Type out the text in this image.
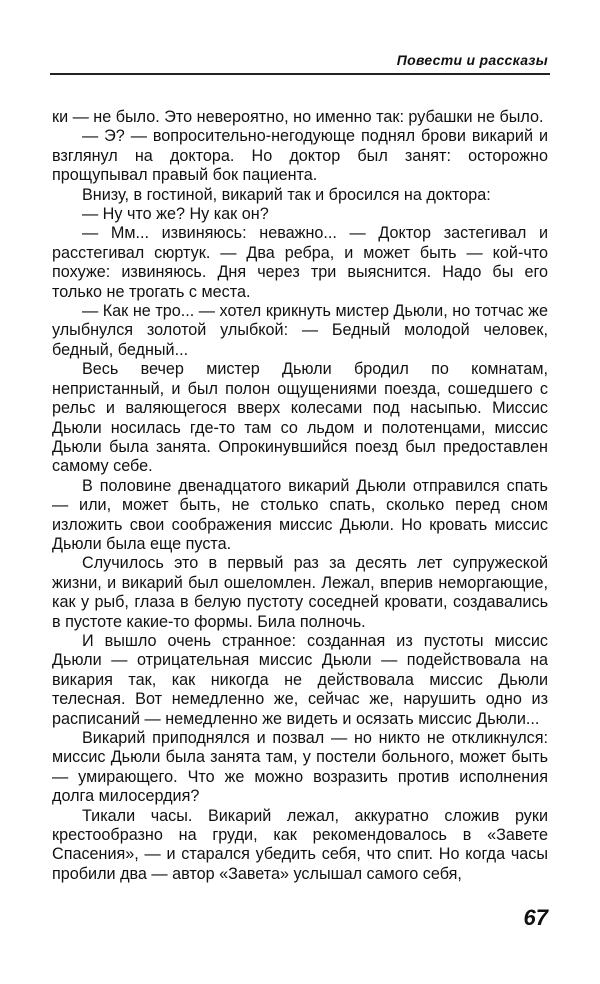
Повести и рассказы

ки — не было. Это невероятно, но именно так: рубашки не было.

— Э? — вопросительно-негодующе поднял брови викарий и взглянул на доктора. Но доктор был занят: осторожно прощупывал правый бок пациента.

Внизу, в гостиной, викарий так и бросился на доктора:

— Ну что же? Ну как он?

— Мм... извиняюсь: неважно... — Доктор застегивал и расстегивал сюртук. — Два ребра, и может быть — кой-что похуже: извиняюсь. Дня через три выяснится. Надо бы его только не трогать с места.

— Как не тро... — хотел крикнуть мистер Дьюли, но тотчас же улыбнулся золотой улыбкой: — Бедный молодой человек, бедный, бедный...

Весь вечер мистер Дьюли бродил по комнатам, непристанный, и был полон ощущениями поезда, сошедшего с рельс и валяющегося вверх колесами под насыпью. Миссис Дьюли носилась где-то там со льдом и полотенцами, миссис Дьюли была занята. Опрокинувшийся поезд был предоставлен самому себе.

В половине двенадцатого викарий Дьюли отправился спать — или, может быть, не столько спать, сколько перед сном изложить свои соображения миссис Дьюли. Но кровать миссис Дьюли была еще пуста.

Случилось это в первый раз за десять лет супружеской жизни, и викарий был ошеломлен. Лежал, вперив неморгающие, как у рыб, глаза в белую пустоту соседней кровати, создавались в пустоте какие-то формы. Била полночь.

И вышло очень странное: созданная из пустоты миссис Дьюли — отрицательная миссис Дьюли — подействовала на викария так, как никогда не действовала миссис Дьюли телесная. Вот немедленно же, сейчас же, нарушить одно из расписаний — немедленно же видеть и осязать миссис Дьюли...

Викарий приподнялся и позвал — но никто не откликнулся: миссис Дьюли была занята там, у постели больного, может быть — умирающего. Что же можно возразить против исполнения долга милосердия?

Тикали часы. Викарий лежал, аккуратно сложив руки крестообразно на груди, как рекомендовалось в «Завете Спасения», — и старался убедить себя, что спит. Но когда часы пробили два — автор «Завета» услышал самого себя,

67
